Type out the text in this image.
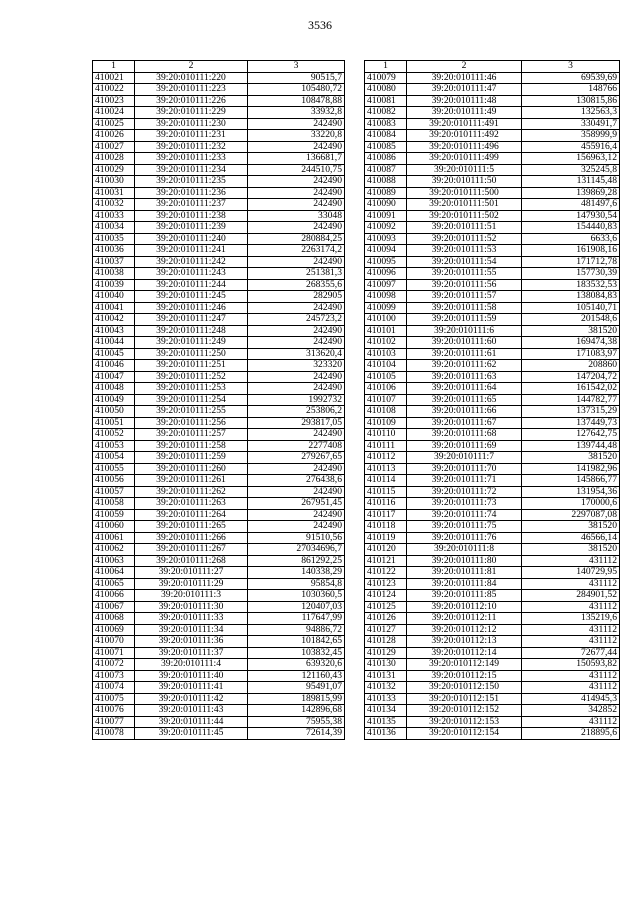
3536
1	2	3
410021	39:20:010111:220	90515,7
410022	39:20:010111:223	105480,72
410023	39:20:010111:226	108478,88
410024	39:20:010111:229	33932,8
410025	39:20:010111:230	242490
410026	39:20:010111:231	33220,8
410027	39:20:010111:232	242490
410028	39:20:010111:233	136681,7
410029	39:20:010111:234	244510,75
410030	39:20:010111:235	242490
410031	39:20:010111:236	242490
410032	39:20:010111:237	242490
410033	39:20:010111:238	33048
410034	39:20:010111:239	242490
410035	39:20:010111:240	280884,25
410036	39:20:010111:241	2263174,2
410037	39:20:010111:242	242490
410038	39:20:010111:243	251381,3
410039	39:20:010111:244	268355,6
410040	39:20:010111:245	282905
410041	39:20:010111:246	242490
410042	39:20:010111:247	245723,2
410043	39:20:010111:248	242490
410044	39:20:010111:249	242490
410045	39:20:010111:250	313620,4
410046	39:20:010111:251	323320
410047	39:20:010111:252	242490
410048	39:20:010111:253	242490
410049	39:20:010111:254	1992732
410050	39:20:010111:255	253806,2
410051	39:20:010111:256	293817,05
410052	39:20:010111:257	242490
410053	39:20:010111:258	2277408
410054	39:20:010111:259	279267,65
410055	39:20:010111:260	242490
410056	39:20:010111:261	276438,6
410057	39:20:010111:262	242490
410058	39:20:010111:263	267951,45
410059	39:20:010111:264	242490
410060	39:20:010111:265	242490
410061	39:20:010111:266	91510,56
410062	39:20:010111:267	27034696,7
410063	39:20:010111:268	861292,25
410064	39:20:010111:27	140338,29
410065	39:20:010111:29	95854,8
410066	39:20:010111:3	1030360,5
410067	39:20:010111:30	120407,03
410068	39:20:010111:33	117647,99
410069	39:20:010111:34	94886,72
410070	39:20:010111:36	101842,65
410071	39:20:010111:37	103832,45
410072	39:20:010111:4	639320,6
410073	39:20:010111:40	121160,43
410074	39:20:010111:41	95491,07
410075	39:20:010111:42	189815,99
410076	39:20:010111:43	142896,68
410077	39:20:010111:44	75955,38
410078	39:20:010111:45	72614,39
1	2	3
410079	39:20:010111:46	69539,69
410080	39:20:010111:47	148766
410081	39:20:010111:48	130815,86
410082	39:20:010111:49	132563,3
410083	39:20:010111:491	330491,7
410084	39:20:010111:492	358999,9
410085	39:20:010111:496	455916,4
410086	39:20:010111:499	156963,12
410087	39:20:010111:5	325245,8
410088	39:20:010111:50	131145,48
410089	39:20:010111:500	139869,28
410090	39:20:010111:501	481497,6
410091	39:20:010111:502	147930,54
410092	39:20:010111:51	154440,83
410093	39:20:010111:52	6633,6
410094	39:20:010111:53	161908,16
410095	39:20:010111:54	171712,78
410096	39:20:010111:55	157730,39
410097	39:20:010111:56	183532,53
410098	39:20:010111:57	138084,83
410099	39:20:010111:58	105140,71
410100	39:20:010111:59	201548,6
410101	39:20:010111:6	381520
410102	39:20:010111:60	169474,38
410103	39:20:010111:61	171083,97
410104	39:20:010111:62	208860
410105	39:20:010111:63	147204,72
410106	39:20:010111:64	161542,02
410107	39:20:010111:65	144782,77
410108	39:20:010111:66	137315,29
410109	39:20:010111:67	137449,73
410110	39:20:010111:68	127642,75
410111	39:20:010111:69	139744,48
410112	39:20:010111:7	381520
410113	39:20:010111:70	141982,96
410114	39:20:010111:71	145866,77
410115	39:20:010111:72	131954,36
410116	39:20:010111:73	170000,6
410117	39:20:010111:74	2297087,08
410118	39:20:010111:75	381520
410119	39:20:010111:76	46566,14
410120	39:20:010111:8	381520
410121	39:20:010111:80	431112
410122	39:20:010111:81	140729,95
410123	39:20:010111:84	431112
410124	39:20:010111:85	284901,52
410125	39:20:010112:10	431112
410126	39:20:010112:11	135219,6
410127	39:20:010112:12	431112
410128	39:20:010112:13	431112
410129	39:20:010112:14	72677,44
410130	39:20:010112:149	150593,82
410131	39:20:010112:15	431112
410132	39:20:010112:150	431112
410133	39:20:010112:151	414945,3
410134	39:20:010112:152	342852
410135	39:20:010112:153	431112
410136	39:20:010112:154	218895,6
